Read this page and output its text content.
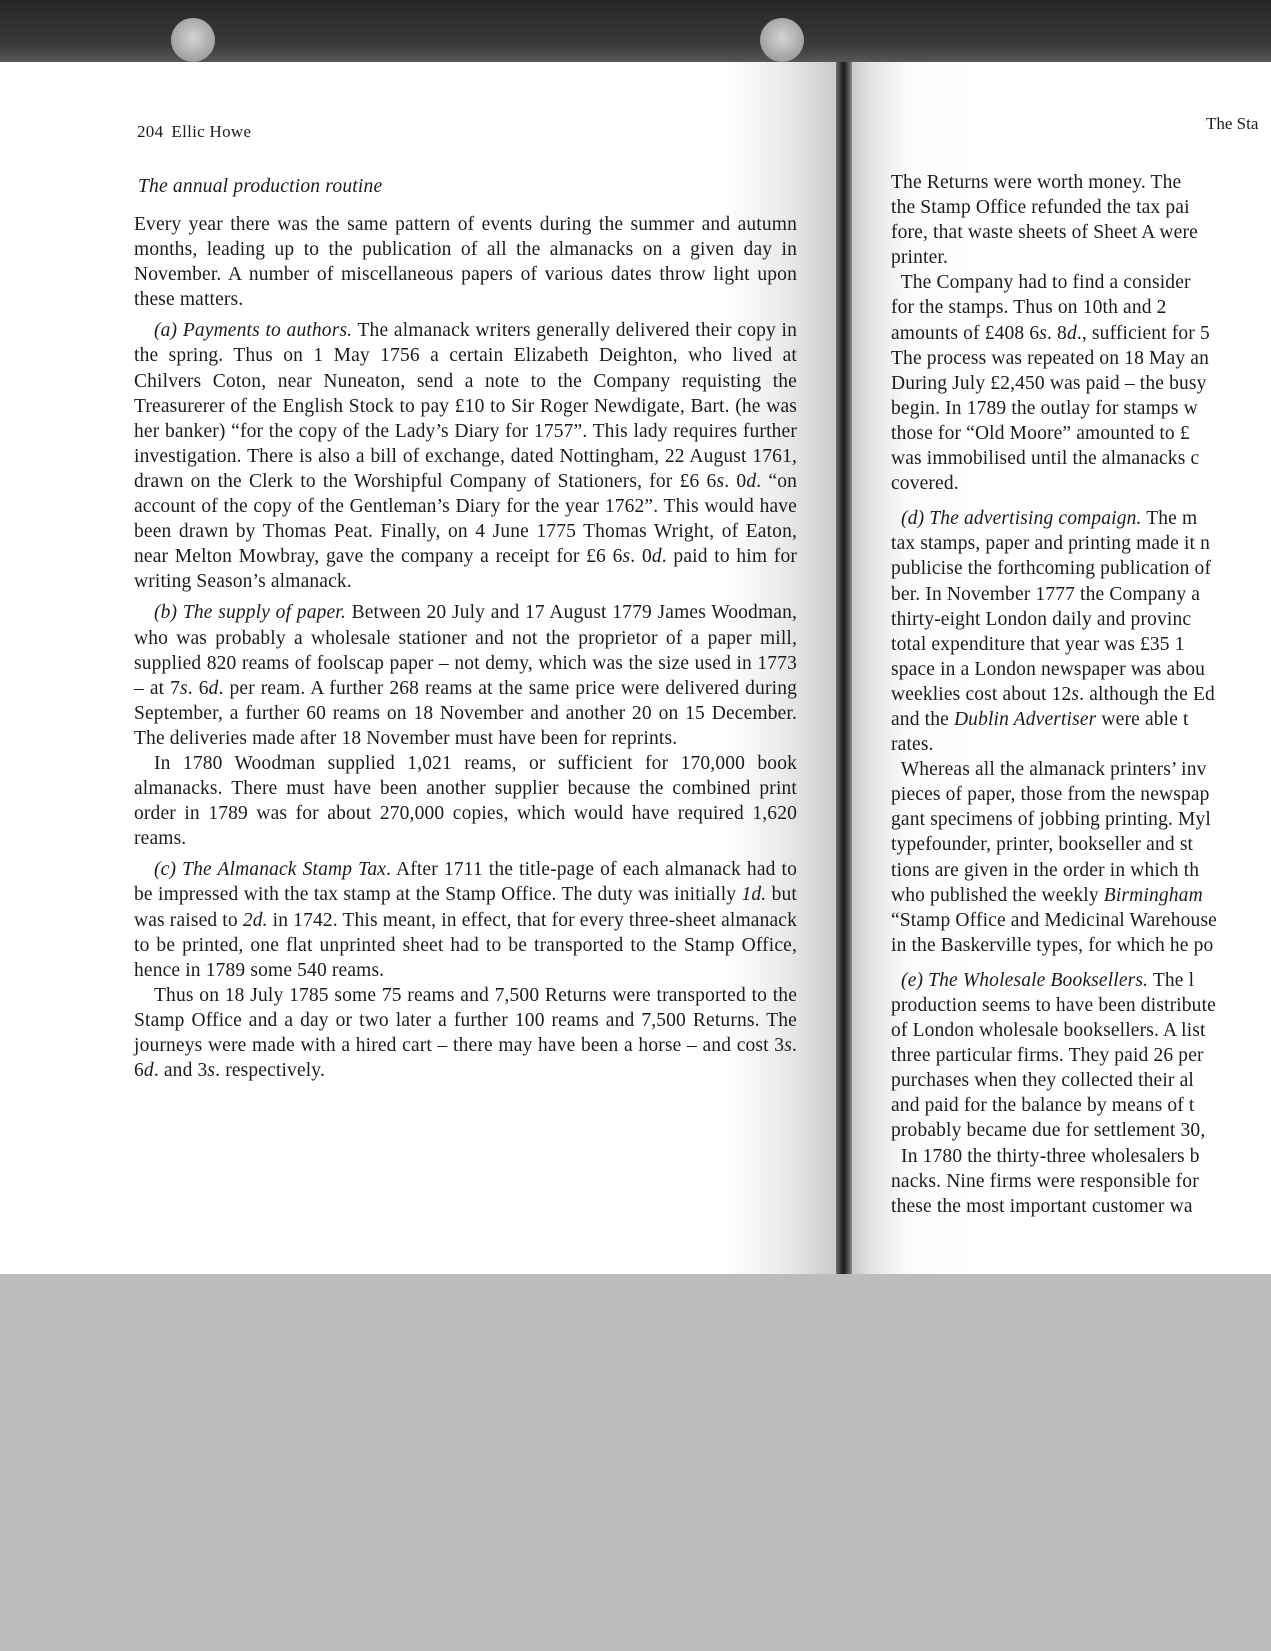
204 Ellic Howe
The annual production routine

Every year there was the same pattern of events during the summer and autumn months, leading up to the publication of all the almanacks on a given day in November. A number of miscellaneous papers of various dates throw light upon these matters.

(a) Payments to authors. The almanack writers generally delivered their copy in the spring. Thus on 1 May 1756 a certain Elizabeth Deighton, who lived at Chilvers Coton, near Nuneaton, send a note to the Company requisting the Treasurerer of the English Stock to pay £10 to Sir Roger Newdigate, Bart. (he was her banker) “for the copy of the Lady’s Diary for 1757”. This lady requires further investigation. There is also a bill of exchange, dated Nottingham, 22 August 1761, drawn on the Clerk to the Worshipful Company of Stationers, for £6 6s. 0d. “on account of the copy of the Gentleman’s Diary for the year 1762”. This would have been drawn by Thomas Peat. Finally, on 4 June 1775 Thomas Wright, of Eaton, near Melton Mowbray, gave the company a receipt for £6 6s. 0d. paid to him for writing Season’s almanack.

(b) The supply of paper. Between 20 July and 17 August 1779 James Woodman, who was probably a wholesale stationer and not the proprietor of a paper mill, supplied 820 reams of foolscap paper – not demy, which was the size used in 1773 – at 7s. 6d. per ream. A further 268 reams at the same price were delivered during September, a further 60 reams on 18 November and another 20 on 15 December. The deliveries made after 18 November must have been for reprints.

In 1780 Woodman supplied 1,021 reams, or sufficient for 170,000 book almanacks. There must have been another supplier because the combined print order in 1789 was for about 270,000 copies, which would have required 1,620 reams.

(c) The Almanack Stamp Tax. After 1711 the title-page of each almanack had to be impressed with the tax stamp at the Stamp Office. The duty was initially 1d. but was raised to 2d. in 1742. This meant, in effect, that for every three-sheet almanack to be printed, one flat unprinted sheet had to be transported to the Stamp Office, hence in 1789 some 540 reams.

Thus on 18 July 1785 some 75 reams and 7,500 Returns were transported to the Stamp Office and a day or two later a further 100 reams and 7,500 Returns. The journeys were made with a hired cart – there may have been a horse – and cost 3s. 6d. and 3s. respectively.

The Sta
The Returns were worth money. The
the Stamp Office refunded the tax pai
fore, that waste sheets of Sheet A were
printer.
The Company had to find a consider
for the stamps. Thus on 10th and 2
amounts of £408 6s. 8d., sufficient for 5
The process was repeated on 18 May an
During July £2,450 was paid – the busy
begin. In 1789 the outlay for stamps w
those for “Old Moore” amounted to £
was immobilised until the almanacks c
covered.
(d) The advertising compaign. The m
tax stamps, paper and printing made it n
publicise the forthcoming publication of
ber. In November 1777 the Company a
thirty-eight London daily and provinc
total expenditure that year was £35 1
space in a London newspaper was abou
weeklies cost about 12s. although the Ed
and the Dublin Advertiser were able t
rates.
Whereas all the almanack printers’ inv
pieces of paper, those from the newspap
gant specimens of jobbing printing. Myl
typefounder, printer, bookseller and st
tions are given in the order in which th
who published the weekly Birmingham
“Stamp Office and Medicinal Warehouse
in the Baskerville types, for which he po
(e) The Wholesale Booksellers. The l
production seems to have been distribute
of London wholesale booksellers. A list
three particular firms. They paid 26 per
purchases when they collected their al
and paid for the balance by means of t
probably became due for settlement 30,
In 1780 the thirty-three wholesalers b
nacks. Nine firms were responsible for
these the most important customer wa
